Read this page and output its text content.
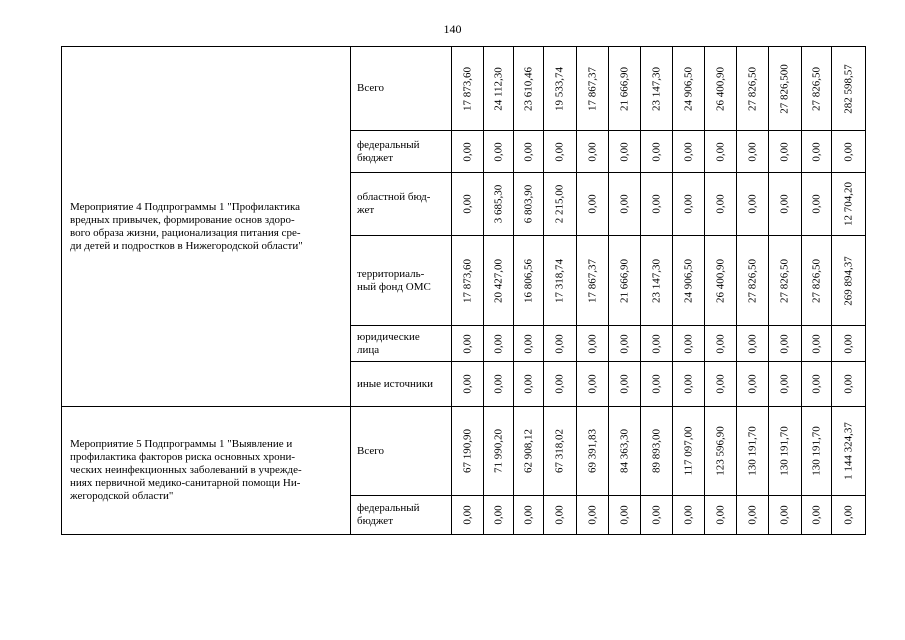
140
Мероприятие 4 Подпрограммы 1 "Профилактика
вредных привычек, формирование основ здоро-
вого образа жизни, рационализация питания сре-
ди детей и подростков в Нижегородской области"	Всего	17 873,60	24 112,30	23 610,46	19 533,74	17 867,37	21 666,90	23 147,30	24 906,50	26 400,90	27 826,50	27 826,500	27 826,50	282 598,57

	федеральный
бюджет	0,00	0,00	0,00	0,00	0,00	0,00	0,00	0,00	0,00	0,00	0,00	0,00	0,00

	областной бюд-
жет	0,00	3 685,30	6 803,90	2 215,00	0,00	0,00	0,00	0,00	0,00	0,00	0,00	0,00	12 704,20

	территориаль-
ный фонд ОМС	17 873,60	20 427,00	16 806,56	17 318,74	17 867,37	21 666,90	23 147,30	24 906,50	26 400,90	27 826,50	27 826,50	27 826,50	269 894,37

	юридические
лица	0,00	0,00	0,00	0,00	0,00	0,00	0,00	0,00	0,00	0,00	0,00	0,00	0,00

	иные источники	0,00	0,00	0,00	0,00	0,00	0,00	0,00	0,00	0,00	0,00	0,00	0,00	0,00

Мероприятие 5 Подпрограммы 1 "Выявление и
профилактика факторов риска основных хрони-
ческих неинфекционных заболеваний в учрежде-
ниях первичной медико-санитарной помощи Ни-
жегородской области"	Всего	67 190,90	71 990,20	62 908,12	67 318,02	69 391,83	84 363,30	89 893,00	117 097,00	123 596,90	130 191,70	130 191,70	130 191,70	1 144 324,37

	федеральный
бюджет	0,00	0,00	0,00	0,00	0,00	0,00	0,00	0,00	0,00	0,00	0,00	0,00	0,00
